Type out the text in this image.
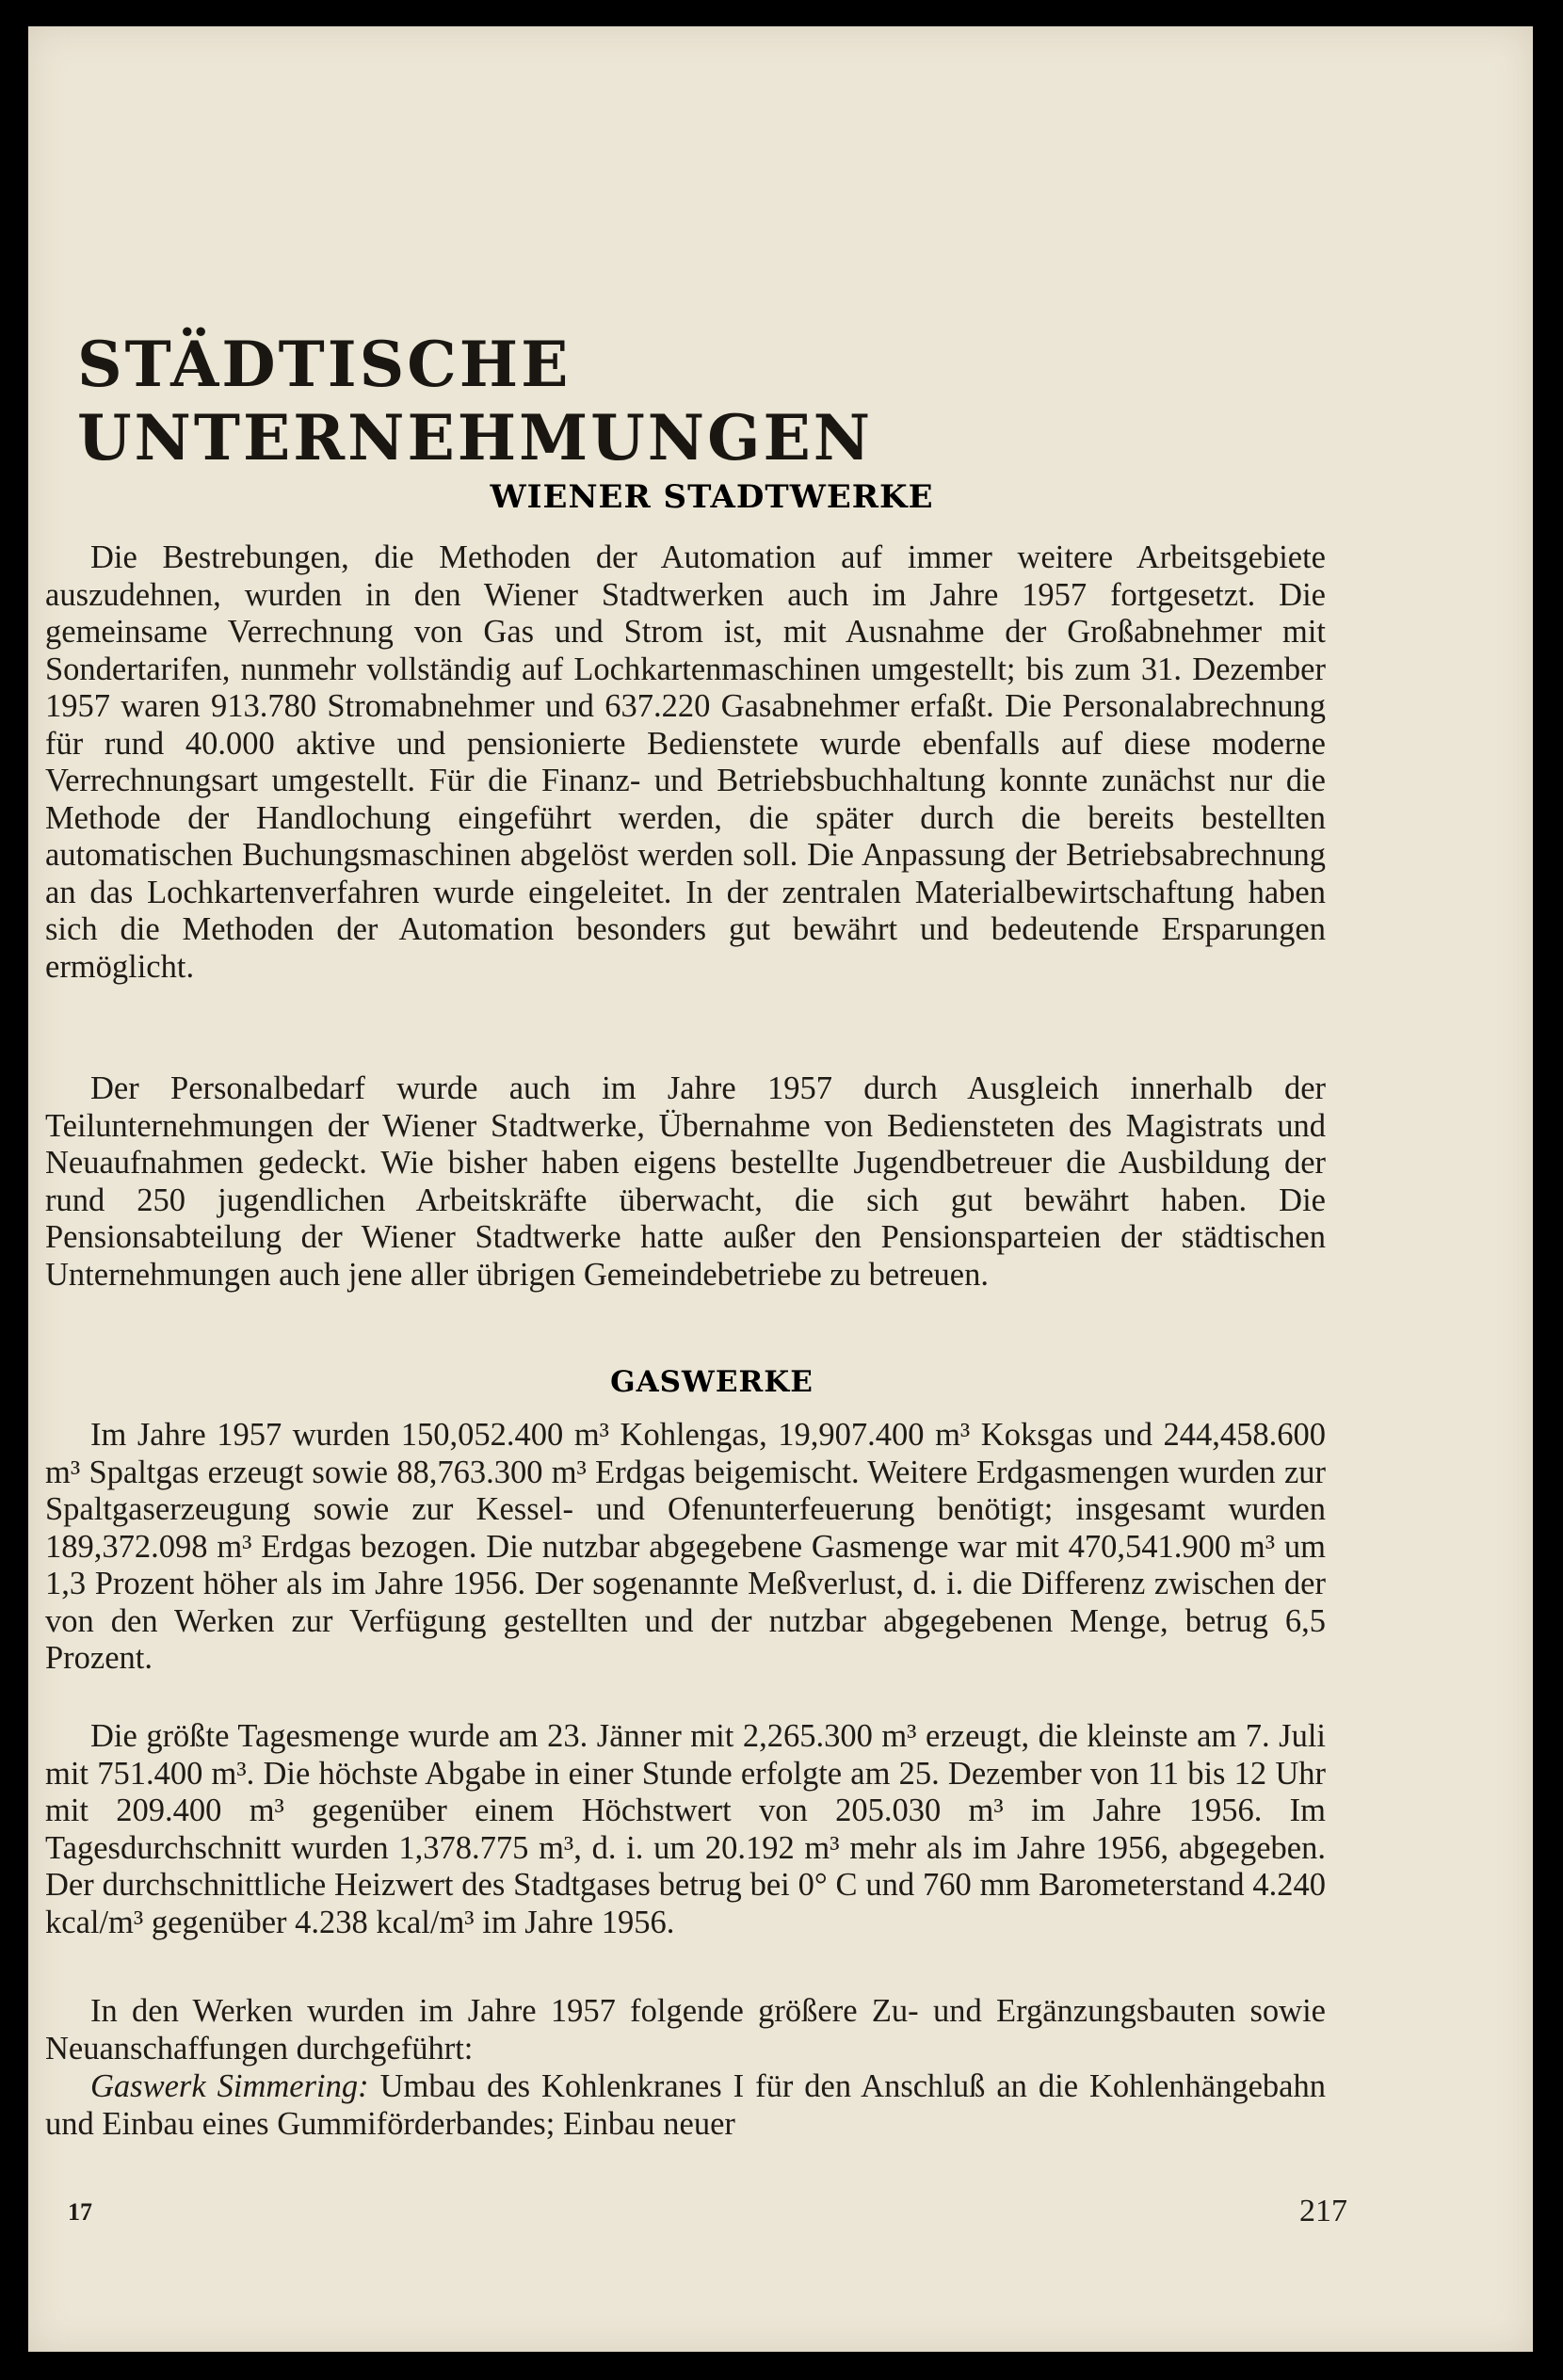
STÄDTISCHE UNTERNEHMUNGEN
WIENER STADTWERKE

Die Bestrebungen, die Methoden der Automation auf immer weitere Arbeitsgebiete auszudehnen, wurden in den Wiener Stadtwerken auch im Jahre 1957 fortgesetzt. Die gemeinsame Verrechnung von Gas und Strom ist, mit Ausnahme der Großabnehmer mit Sondertarifen, nunmehr vollständig auf Lochkartenmaschinen umgestellt; bis zum 31. Dezember 1957 waren 913.780 Stromabnehmer und 637.220 Gasabnehmer erfaßt. Die Personalabrechnung für rund 40.000 aktive und pensionierte Bedienstete wurde ebenfalls auf diese moderne Verrechnungsart umgestellt. Für die Finanz- und Betriebsbuchhaltung konnte zunächst nur die Methode der Handlochung eingeführt werden, die später durch die bereits bestellten automatischen Buchungsmaschinen abgelöst werden soll. Die Anpassung der Betriebsabrechnung an das Lochkartenverfahren wurde eingeleitet. In der zentralen Materialbewirtschaftung haben sich die Methoden der Automation besonders gut bewährt und bedeutende Ersparungen ermöglicht.

Der Personalbedarf wurde auch im Jahre 1957 durch Ausgleich innerhalb der Teilunternehmungen der Wiener Stadtwerke, Übernahme von Bediensteten des Magistrats und Neuaufnahmen gedeckt. Wie bisher haben eigens bestellte Jugendbetreuer die Ausbildung der rund 250 jugendlichen Arbeitskräfte überwacht, die sich gut bewährt haben. Die Pensionsabteilung der Wiener Stadtwerke hatte außer den Pensionsparteien der städtischen Unternehmungen auch jene aller übrigen Gemeindebetriebe zu betreuen.

GASWERKE

Im Jahre 1957 wurden 150,052.400 m³ Kohlengas, 19,907.400 m³ Koksgas und 244,458.600 m³ Spaltgas erzeugt sowie 88,763.300 m³ Erdgas beigemischt. Weitere Erdgasmengen wurden zur Spaltgaserzeugung sowie zur Kessel- und Ofenunterfeuerung benötigt; insgesamt wurden 189,372.098 m³ Erdgas bezogen. Die nutzbar abgegebene Gasmenge war mit 470,541.900 m³ um 1,3 Prozent höher als im Jahre 1956. Der sogenannte Meßverlust, d. i. die Differenz zwischen der von den Werken zur Verfügung gestellten und der nutzbar abgegebenen Menge, betrug 6,5 Prozent.

Die größte Tagesmenge wurde am 23. Jänner mit 2,265.300 m³ erzeugt, die kleinste am 7. Juli mit 751.400 m³. Die höchste Abgabe in einer Stunde erfolgte am 25. Dezember von 11 bis 12 Uhr mit 209.400 m³ gegenüber einem Höchstwert von 205.030 m³ im Jahre 1956. Im Tagesdurchschnitt wurden 1,378.775 m³, d. i. um 20.192 m³ mehr als im Jahre 1956, abgegeben. Der durchschnittliche Heizwert des Stadtgases betrug bei 0° C und 760 mm Barometerstand 4.240 kcal/m³ gegenüber 4.238 kcal/m³ im Jahre 1956.

In den Werken wurden im Jahre 1957 folgende größere Zu- und Ergänzungsbauten sowie Neuanschaffungen durchgeführt:

Gaswerk Simmering: Umbau des Kohlenkranes I für den Anschluß an die Kohlenhängebahn und Einbau eines Gummiförderbandes; Einbau neuer

17	217
